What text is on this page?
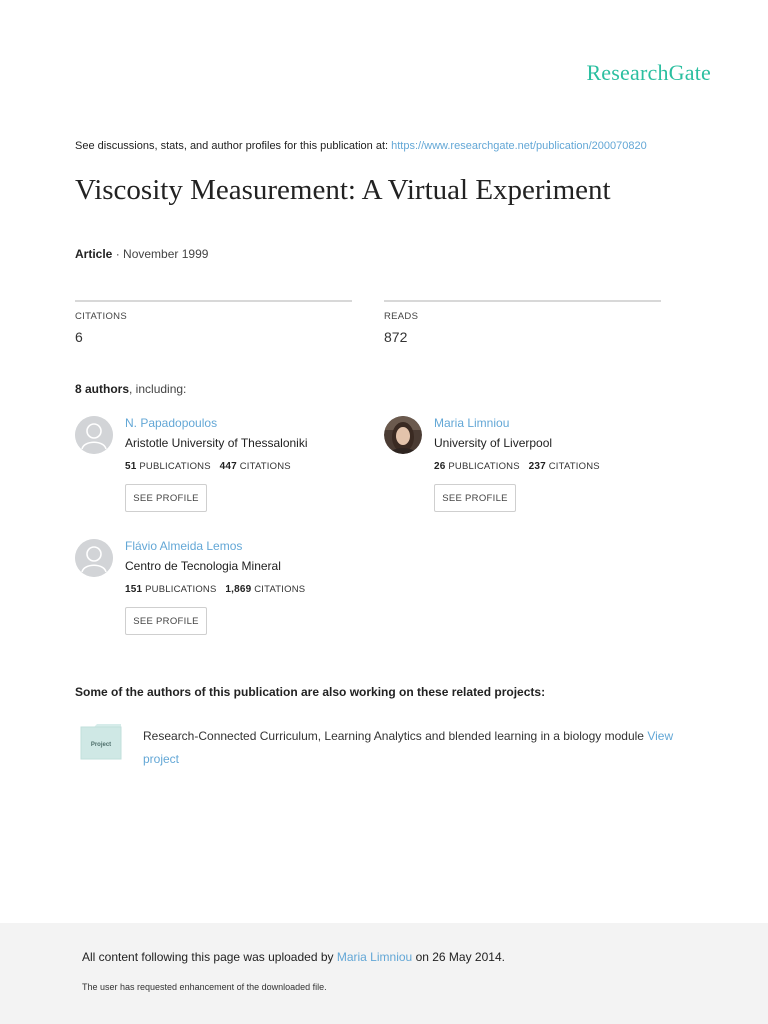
ResearchGate
See discussions, stats, and author profiles for this publication at: https://www.researchgate.net/publication/200070820
Viscosity Measurement: A Virtual Experiment
Article · November 1999
CITATIONS
6
READS
872
8 authors, including:
N. Papadopoulos
Aristotle University of Thessaloniki
51 PUBLICATIONS 447 CITATIONS
SEE PROFILE
Maria Limniou
University of Liverpool
26 PUBLICATIONS 237 CITATIONS
SEE PROFILE
Flávio Almeida Lemos
Centro de Tecnologia Mineral
151 PUBLICATIONS 1,869 CITATIONS
SEE PROFILE
Some of the authors of this publication are also working on these related projects:
Project
Research-Connected Curriculum, Learning Analytics and blended learning in a biology module View project
All content following this page was uploaded by Maria Limniou on 26 May 2014.
The user has requested enhancement of the downloaded file.
